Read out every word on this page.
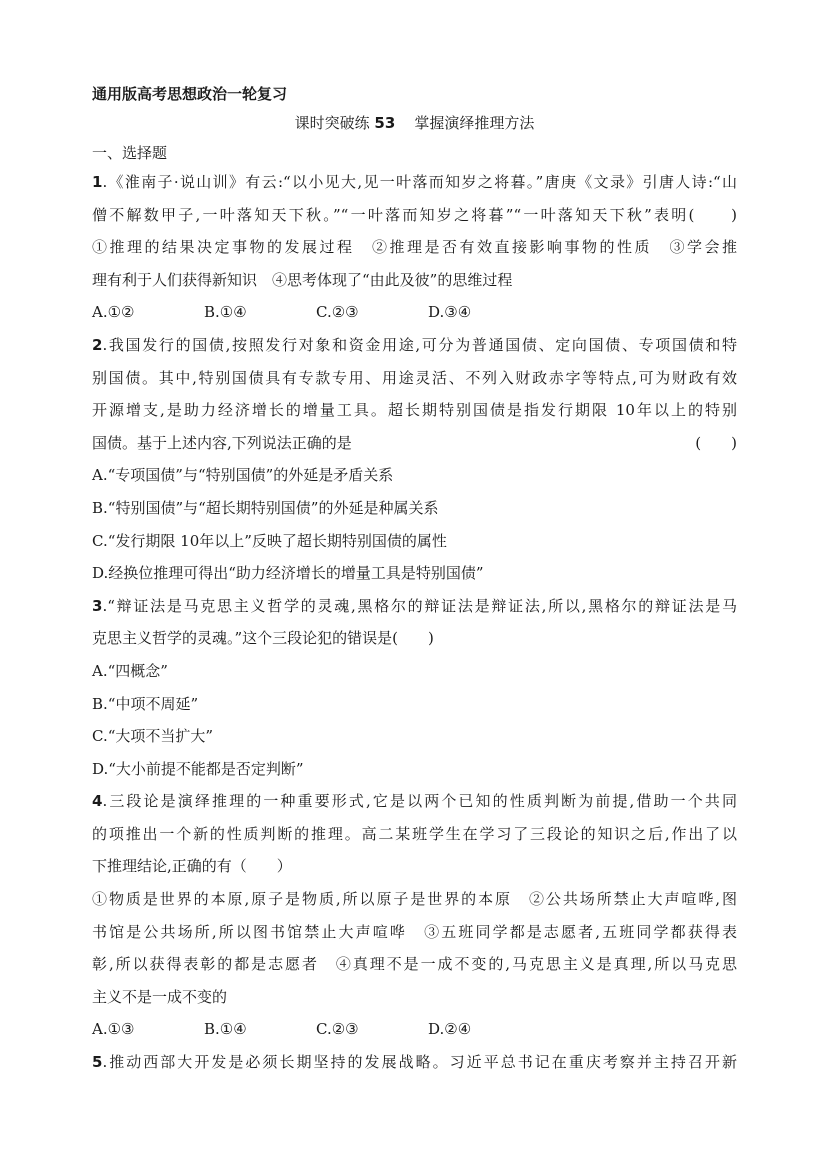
通用版高考思想政治一轮复习
课时突破练 53 掌握演绎推理方法
一、选择题
1.《淮南子·说山训》有云:“以小见大,见一叶落而知岁之将暮。”唐庚《文录》引唐人诗:“山
僧不解数甲子,一叶落知天下秋。”“一叶落而知岁之将暮”“一叶落知天下秋”表明(　　)
①推理的结果决定事物的发展过程　②推理是否有效直接影响事物的性质　③学会推
理有利于人们获得新知识　④思考体现了“由此及彼”的思维过程
A.①②	B.①④	C.②③	D.③④
2.我国发行的国债,按照发行对象和资金用途,可分为普通国债、定向国债、专项国债和特
别国债。其中,特别国债具有专款专用、用途灵活、不列入财政赤字等特点,可为财政有效
开源增支,是助力经济增长的增量工具。超长期特别国债是指发行期限 10年以上的特别
国债。基于上述内容,下列说法正确的是	(　　)
A.“专项国债”与“特别国债”的外延是矛盾关系
B.“特别国债”与“超长期特别国债”的外延是种属关系
C.“发行期限 10年以上”反映了超长期特别国债的属性
D.经换位推理可得出“助力经济增长的增量工具是特别国债”
3.“辩证法是马克思主义哲学的灵魂,黑格尔的辩证法是辩证法,所以,黑格尔的辩证法是马
克思主义哲学的灵魂。”这个三段论犯的错误是(　　)
A.“四概念”
B.“中项不周延”
C.“大项不当扩大”
D.“大小前提不能都是否定判断”
4.三段论是演绎推理的一种重要形式,它是以两个已知的性质判断为前提,借助一个共同
的项推出一个新的性质判断的推理。高二某班学生在学习了三段论的知识之后,作出了以
下推理结论,正确的有（　　）
①物质是世界的本原,原子是物质,所以原子是世界的本原　②公共场所禁止大声喧哗,图
书馆是公共场所,所以图书馆禁止大声喧哗　③五班同学都是志愿者,五班同学都获得表
彰,所以获得表彰的都是志愿者　④真理不是一成不变的,马克思主义是真理,所以马克思
主义不是一成不变的
A.①③	B.①④	C.②③	D.②④
5.推动西部大开发是必须长期坚持的发展战略。习近平总书记在重庆考察并主持召开新
